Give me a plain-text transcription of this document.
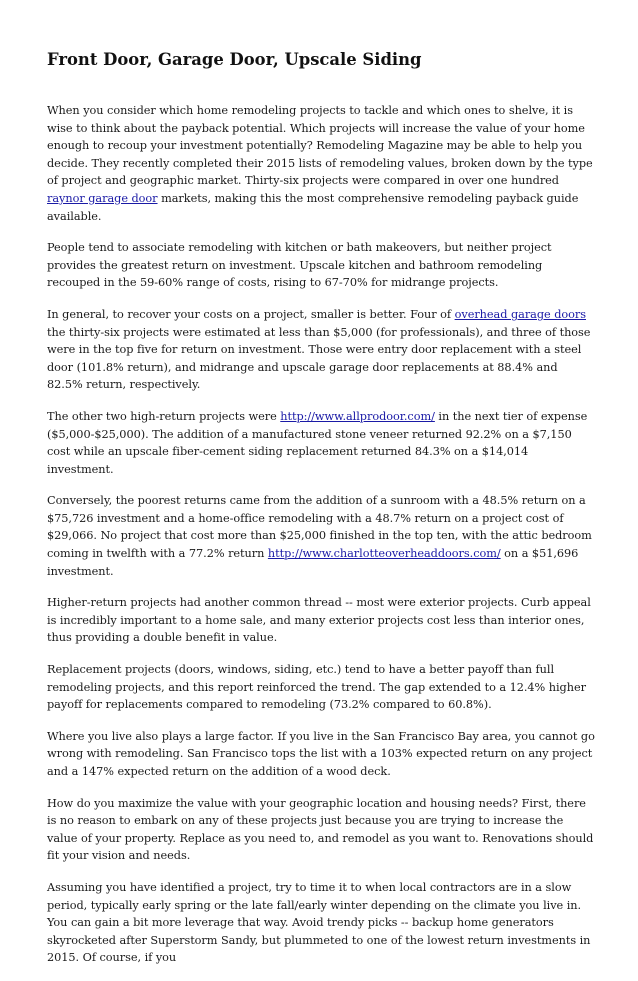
Front Door, Garage Door, Upscale Siding

When you consider which home remodeling projects to tackle and which ones to shelve, it is wise to think about the payback potential. Which projects will increase the value of your home enough to recoup your investment potentially? Remodeling Magazine may be able to help you decide. They recently completed their 2015 lists of remodeling values, broken down by the type of project and geographic market. Thirty-six projects were compared in over one hundred raynor garage door markets, making this the most comprehensive remodeling payback guide available.

People tend to associate remodeling with kitchen or bath makeovers, but neither project provides the greatest return on investment. Upscale kitchen and bathroom remodeling recouped in the 59-60% range of costs, rising to 67-70% for midrange projects.

In general, to recover your costs on a project, smaller is better. Four of overhead garage doors the thirty-six projects were estimated at less than $5,000 (for professionals), and three of those were in the top five for return on investment. Those were entry door replacement with a steel door (101.8% return), and midrange and upscale garage door replacements at 88.4% and 82.5% return, respectively.

The other two high-return projects were http://www.allprodoor.com/ in the next tier of expense ($5,000-$25,000). The addition of a manufactured stone veneer returned 92.2% on a $7,150 cost while an upscale fiber-cement siding replacement returned 84.3% on a $14,014 investment.

Conversely, the poorest returns came from the addition of a sunroom with a 48.5% return on a $75,726 investment and a home-office remodeling with a 48.7% return on a project cost of $29,066. No project that cost more than $25,000 finished in the top ten, with the attic bedroom coming in twelfth with a 77.2% return http://www.charlotteoverheaddoors.com/ on a $51,696 investment.

Higher-return projects had another common thread -- most were exterior projects. Curb appeal is incredibly important to a home sale, and many exterior projects cost less than interior ones, thus providing a double benefit in value.

Replacement projects (doors, windows, siding, etc.) tend to have a better payoff than full remodeling projects, and this report reinforced the trend. The gap extended to a 12.4% higher payoff for replacements compared to remodeling (73.2% compared to 60.8%).

Where you live also plays a large factor. If you live in the San Francisco Bay area, you cannot go wrong with remodeling. San Francisco tops the list with a 103% expected return on any project and a 147% expected return on the addition of a wood deck.

How do you maximize the value with your geographic location and housing needs? First, there is no reason to embark on any of these projects just because you are trying to increase the value of your property. Replace as you need to, and remodel as you want to. Renovations should fit your vision and needs.

Assuming you have identified a project, try to time it to when local contractors are in a slow period, typically early spring or the late fall/early winter depending on the climate you live in. You can gain a bit more leverage that way. Avoid trendy picks -- backup home generators skyrocketed after Superstorm Sandy, but plummeted to one of the lowest return investments in 2015. Of course, if you
